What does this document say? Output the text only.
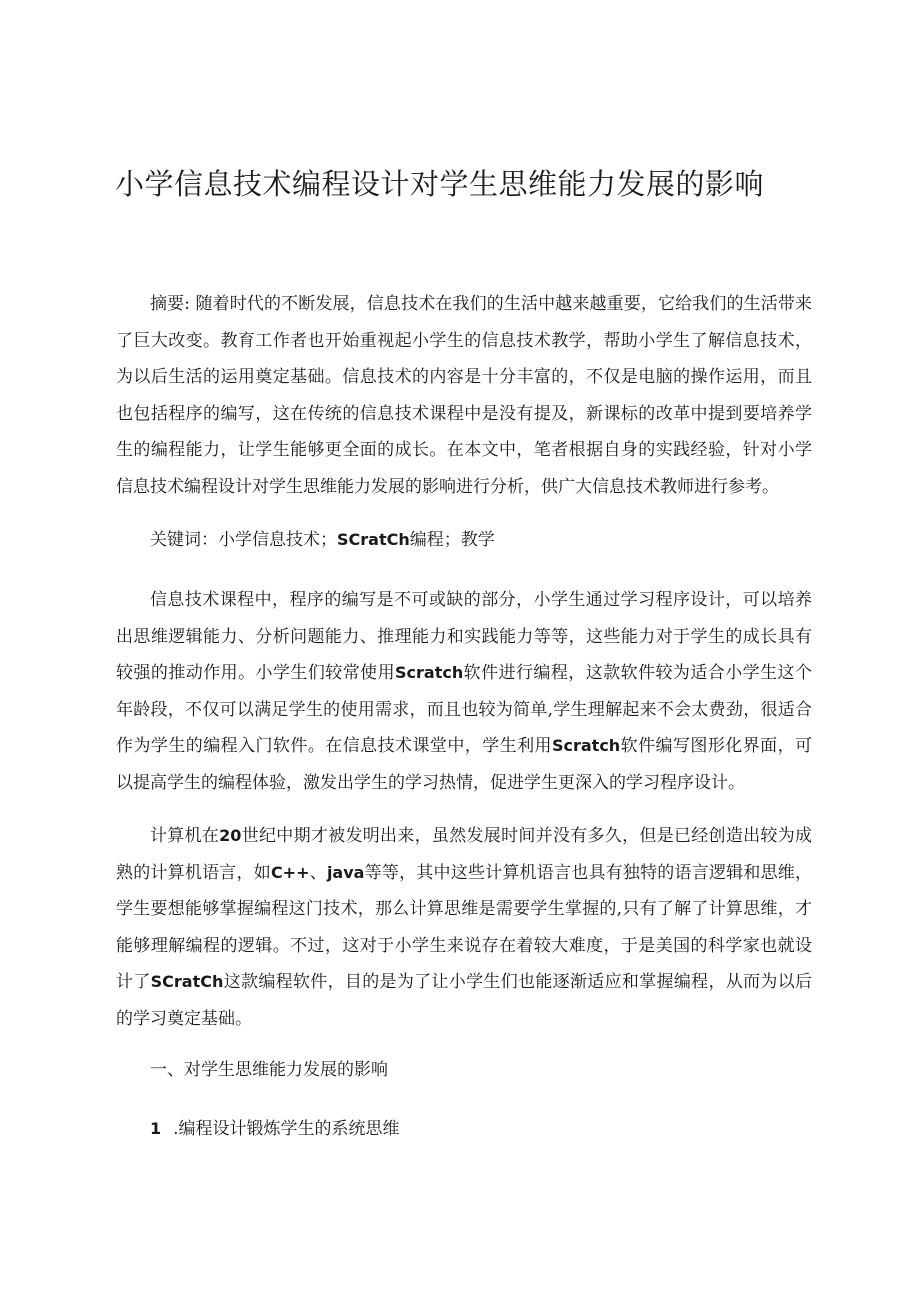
小学信息技术编程设计对学生思维能力发展的影响

摘要: 随着时代的不断发展，信息技术在我们的生活中越来越重要，它给我们的生活带来了巨大改变。教育工作者也开始重视起小学生的信息技术教学，帮助小学生了解信息技术，为以后生活的运用奠定基础。信息技术的内容是十分丰富的，不仅是电脑的操作运用，而且也包括程序的编写，这在传统的信息技术课程中是没有提及，新课标的改革中提到要培养学生的编程能力，让学生能够更全面的成长。在本文中，笔者根据自身的实践经验，针对小学信息技术编程设计对学生思维能力发展的影响进行分析，供广大信息技术教师进行参考。

关键词：小学信息技术；SCratCh编程；教学

信息技术课程中，程序的编写是不可或缺的部分，小学生通过学习程序设计，可以培养出思维逻辑能力、分析问题能力、推理能力和实践能力等等，这些能力对于学生的成长具有较强的推动作用。小学生们较常使用Scratch软件进行编程，这款软件较为适合小学生这个年龄段，不仅可以满足学生的使用需求，而且也较为简单,学生理解起来不会太费劲，很适合作为学生的编程入门软件。在信息技术课堂中，学生利用Scratch软件编写图形化界面，可以提高学生的编程体验，激发出学生的学习热情，促进学生更深入的学习程序设计。

计算机在20世纪中期才被发明出来，虽然发展时间并没有多久，但是已经创造出较为成熟的计算机语言，如C++、java等等，其中这些计算机语言也具有独特的语言逻辑和思维，学生要想能够掌握编程这门技术，那么计算思维是需要学生掌握的,只有了解了计算思维，才能够理解编程的逻辑。不过，这对于小学生来说存在着较大难度，于是美国的科学家也就设计了SCratCh这款编程软件，目的是为了让小学生们也能逐渐适应和掌握编程，从而为以后的学习奠定基础。

一、对学生思维能力发展的影响

1 .编程设计锻炼学生的系统思维
